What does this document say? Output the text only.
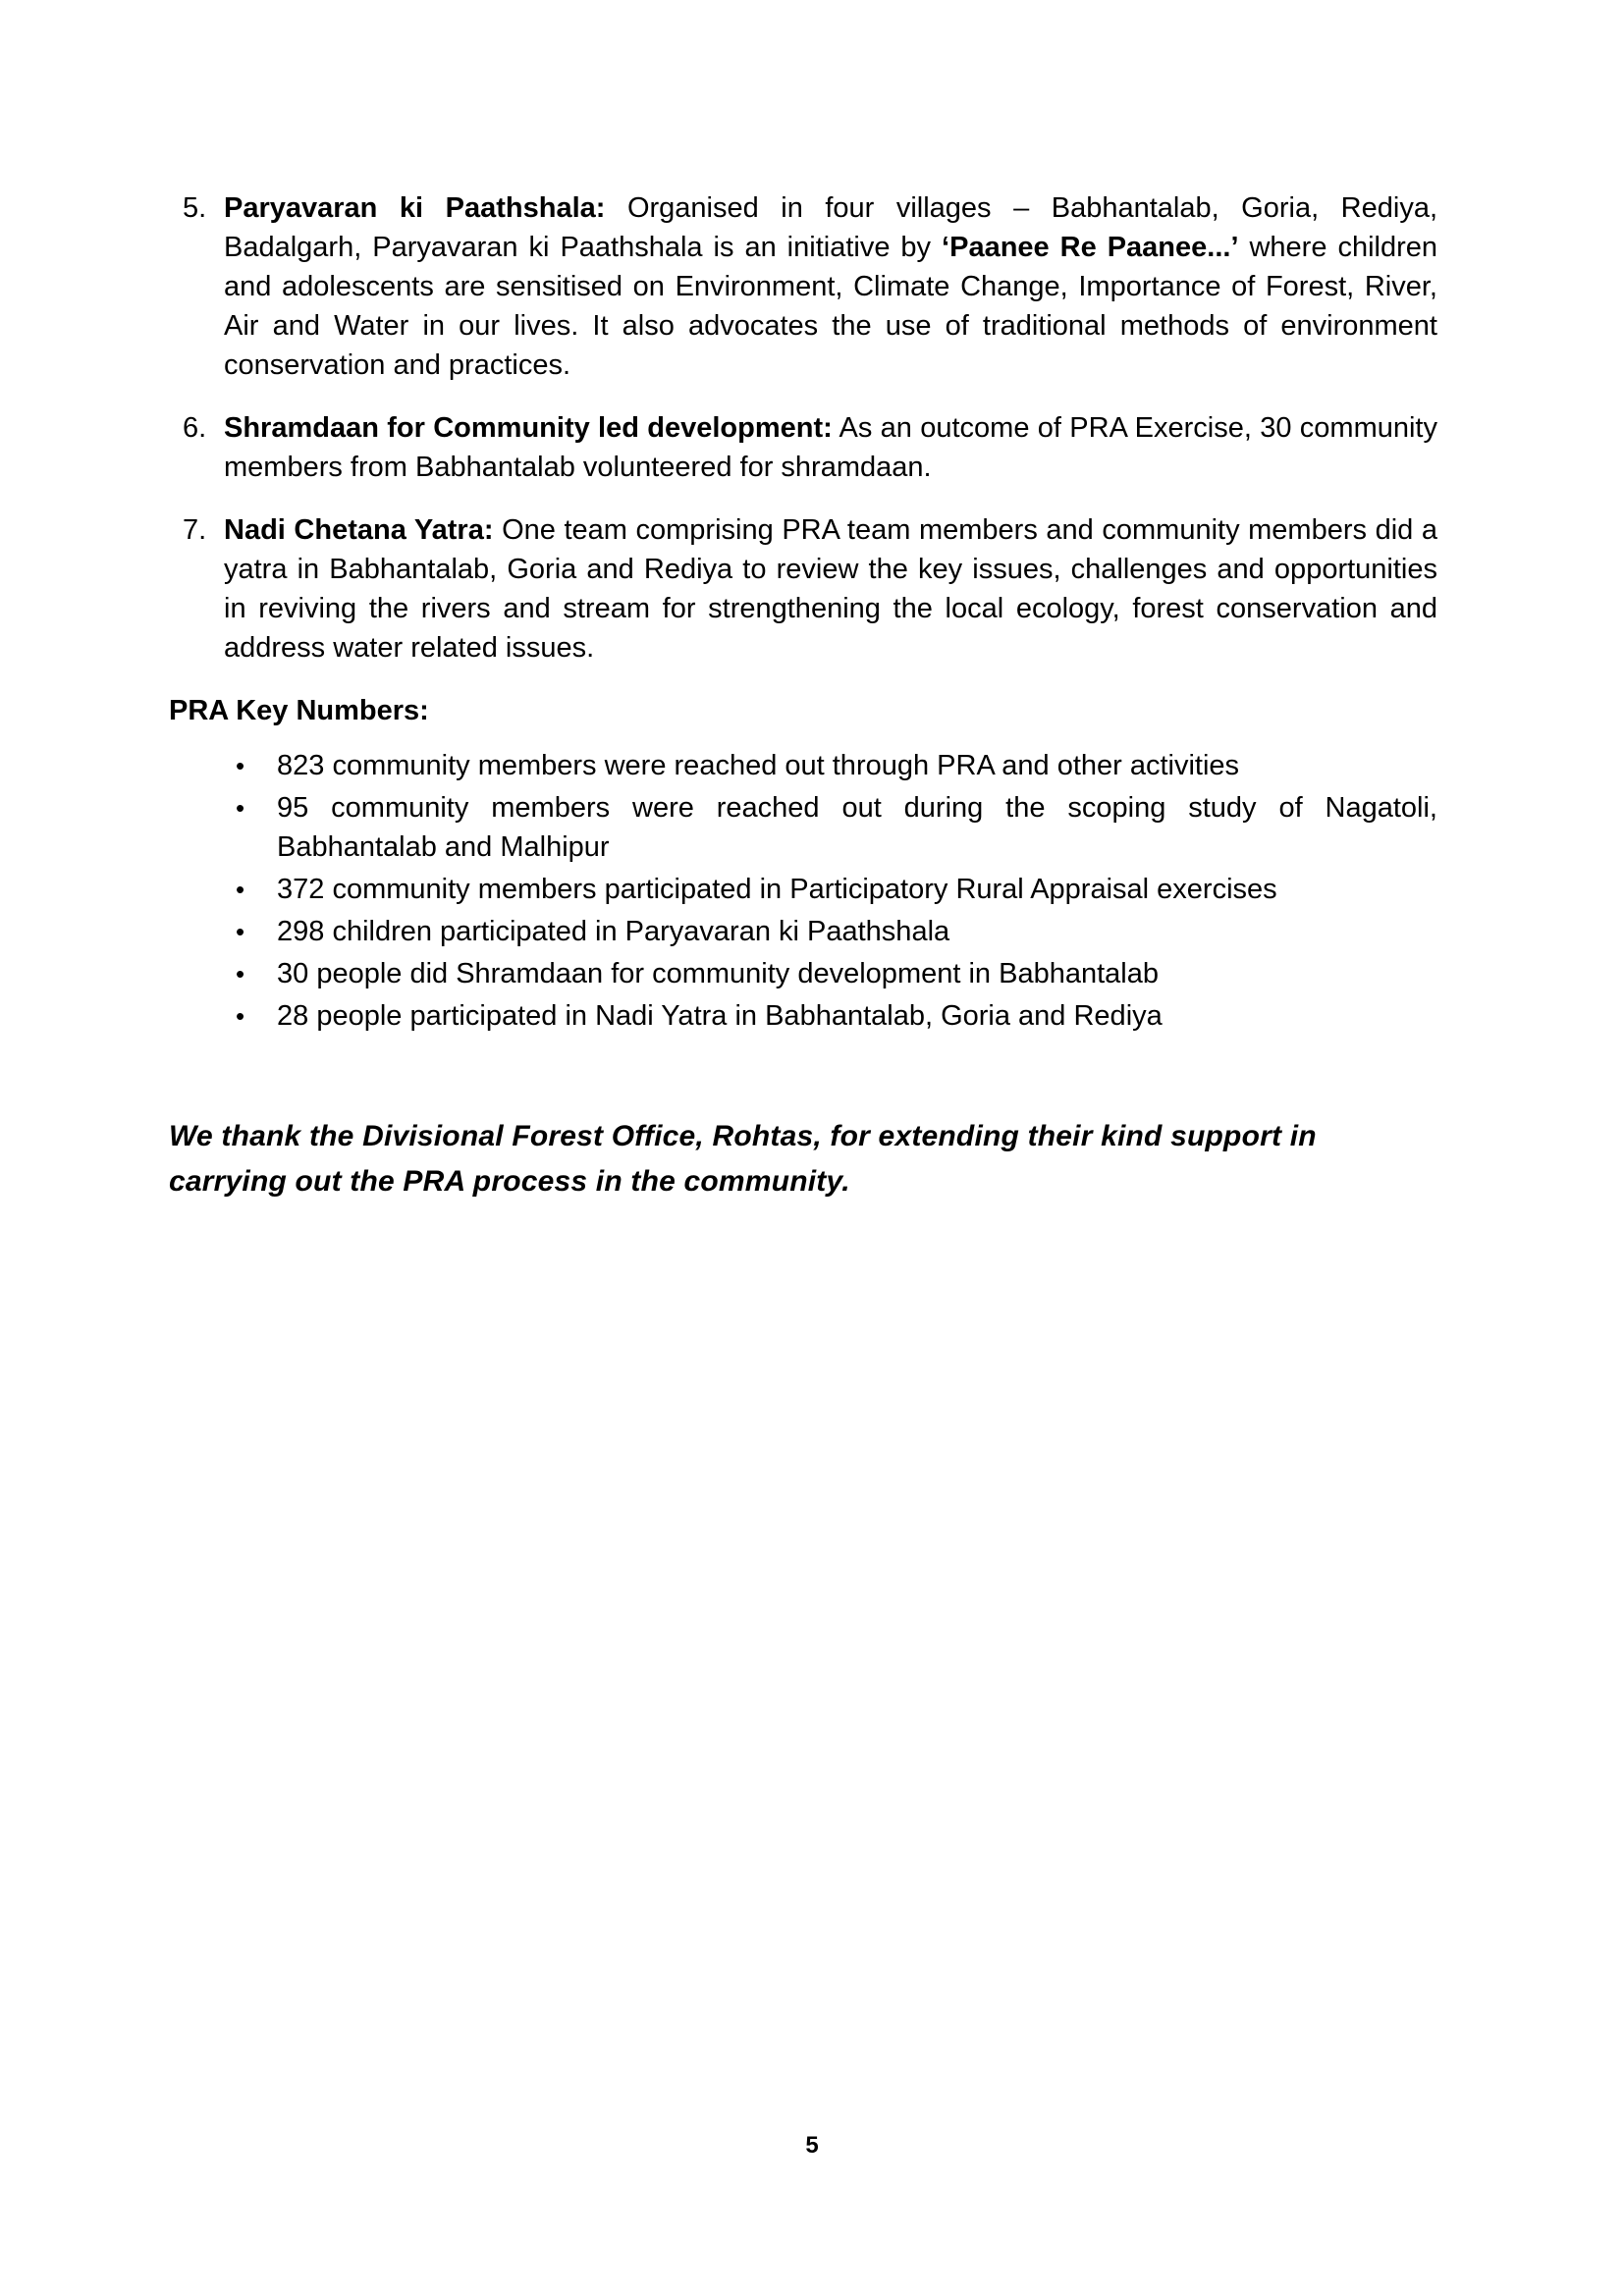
5. Paryavaran ki Paathshala: Organised in four villages – Babhantalab, Goria, Rediya, Badalgarh, Paryavaran ki Paathshala is an initiative by ‘Paanee Re Paanee...’ where children and adolescents are sensitised on Environment, Climate Change, Importance of Forest, River, Air and Water in our lives. It also advocates the use of traditional methods of environment conservation and practices.

6. Shramdaan for Community led development: As an outcome of PRA Exercise, 30 community members from Babhantalab volunteered for shramdaan.

7. Nadi Chetana Yatra: One team comprising PRA team members and community members did a yatra in Babhantalab, Goria and Rediya to review the key issues, challenges and opportunities in reviving the rivers and stream for strengthening the local ecology, forest conservation and address water related issues.

PRA Key Numbers:
•	823 community members were reached out through PRA and other activities
•	95 community members were reached out during the scoping study of Nagatoli, Babhantalab and Malhipur
•	372 community members participated in Participatory Rural Appraisal exercises
•	298 children participated in Paryavaran ki Paathshala
•	30 people did Shramdaan for community development in Babhantalab
•	28 people participated in Nadi Yatra in Babhantalab, Goria and Rediya

We thank the Divisional Forest Office, Rohtas, for extending their kind support in carrying out the PRA process in the community.

5
